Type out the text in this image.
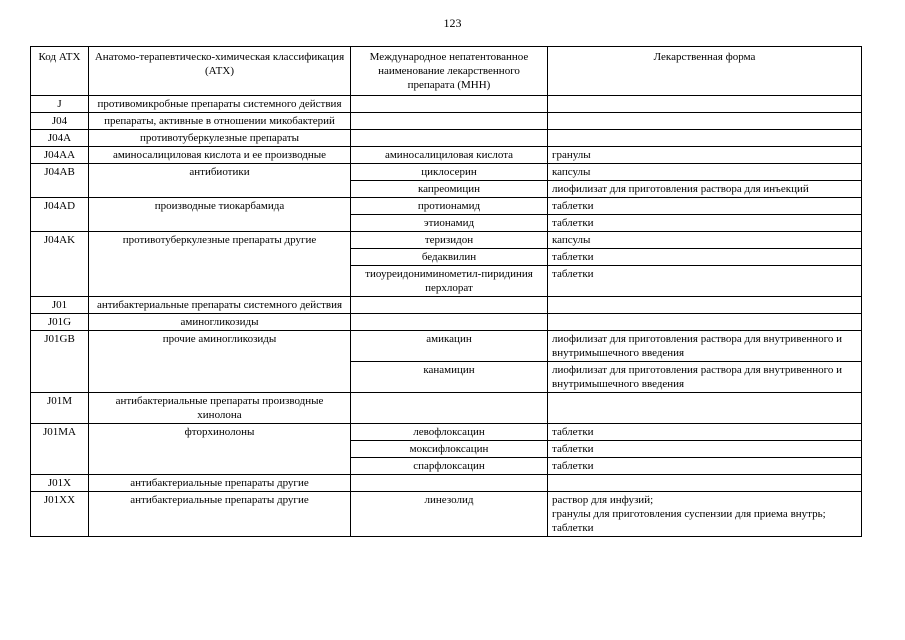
123
Код АТХ	Анатомо-терапевтическо-химическая классификация (АТХ)	Международное непатентованное наименование лекарственного препарата (МНН)	Лекарственная форма
J	противомикробные препараты системного действия		
J04	препараты, активные в отношении микобактерий		
J04A	противотуберкулезные препараты		
J04AA	аминосалициловая кислота и ее производные	аминосалициловая кислота	гранулы
J04AB	антибиотики	циклосерин	капсулы
		капреомицин	лиофилизат для приготовления раствора для инъекций
J04AD	производные тиокарбамида	протионамид	таблетки
		этионамид	таблетки
J04AK	противотуберкулезные препараты другие	теризидон	капсулы
		бедаквилин	таблетки
		тиоуреидониминометил-пиридиния перхлорат	таблетки
J01	антибактериальные препараты системного действия		
J01G	аминогликозиды		
J01GB	прочие аминогликозиды	амикацин	лиофилизат для приготовления раствора для внутривенного и внутримышечного введения
		канамицин	лиофилизат для приготовления раствора для внутривенного и внутримышечного введения
J01M	антибактериальные препараты производные хинолона		
J01MA	фторхинолоны	левофлоксацин	таблетки
		моксифлоксацин	таблетки
		спарфлоксацин	таблетки
J01X	антибактериальные препараты другие		
J01XX	антибактериальные препараты другие	линезолид	раствор для инфузий;
гранулы для приготовления суспензии для приема внутрь;
таблетки
